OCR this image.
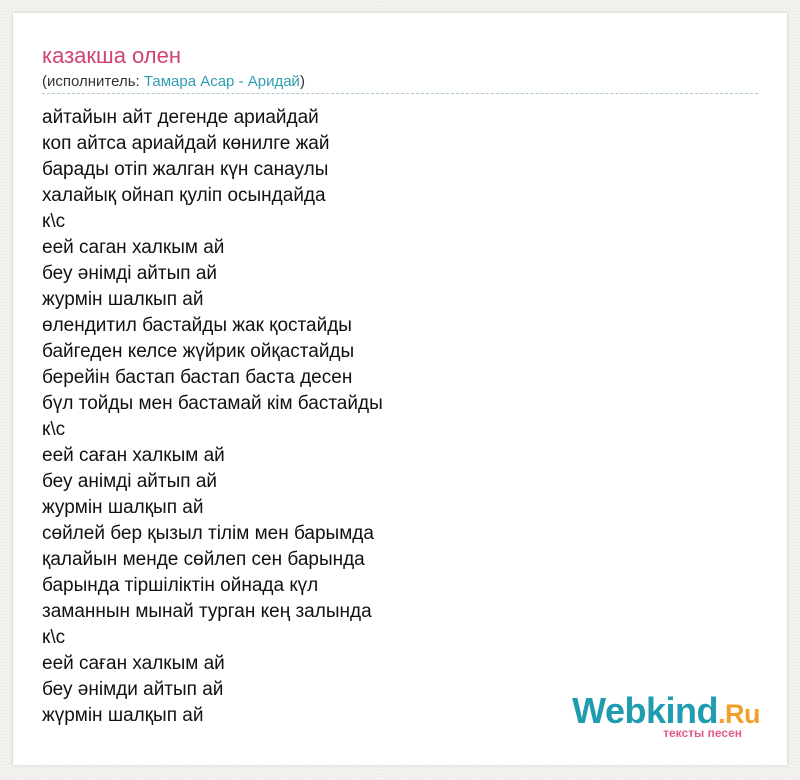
казакша олен
(исполнитель: Тамара Асар - Аридай)
айтайын айт дегенде ариайдай
коп айтса ариайдай көнилге жай
барады отіп жалган күн санаулы
халайық ойнап қуліп осындайда
к\с
еей саган халкым ай
беу әнімді айтып ай
журмін шалкып ай
өлендитил бастайды жак қостайды
байгеден келсе жүйрик ойқастайды
берейін бастап бастап баста десен
бүл тойды мен бастамай кім бастайды
к\с
еей саған халкым ай
беу анімді айтып ай
журмін шалқып ай
сөйлей бер қызыл тілім мен барымда
қалайын менде сөйлеп сен барында
барында тіршіліктін ойнада күл
заманнын мынай турган кең залында
к\с
еей саған халкым ай
беу әнімди айтып ай
жүрмін шалқып ай	Webkind.Ru
тексты песен
